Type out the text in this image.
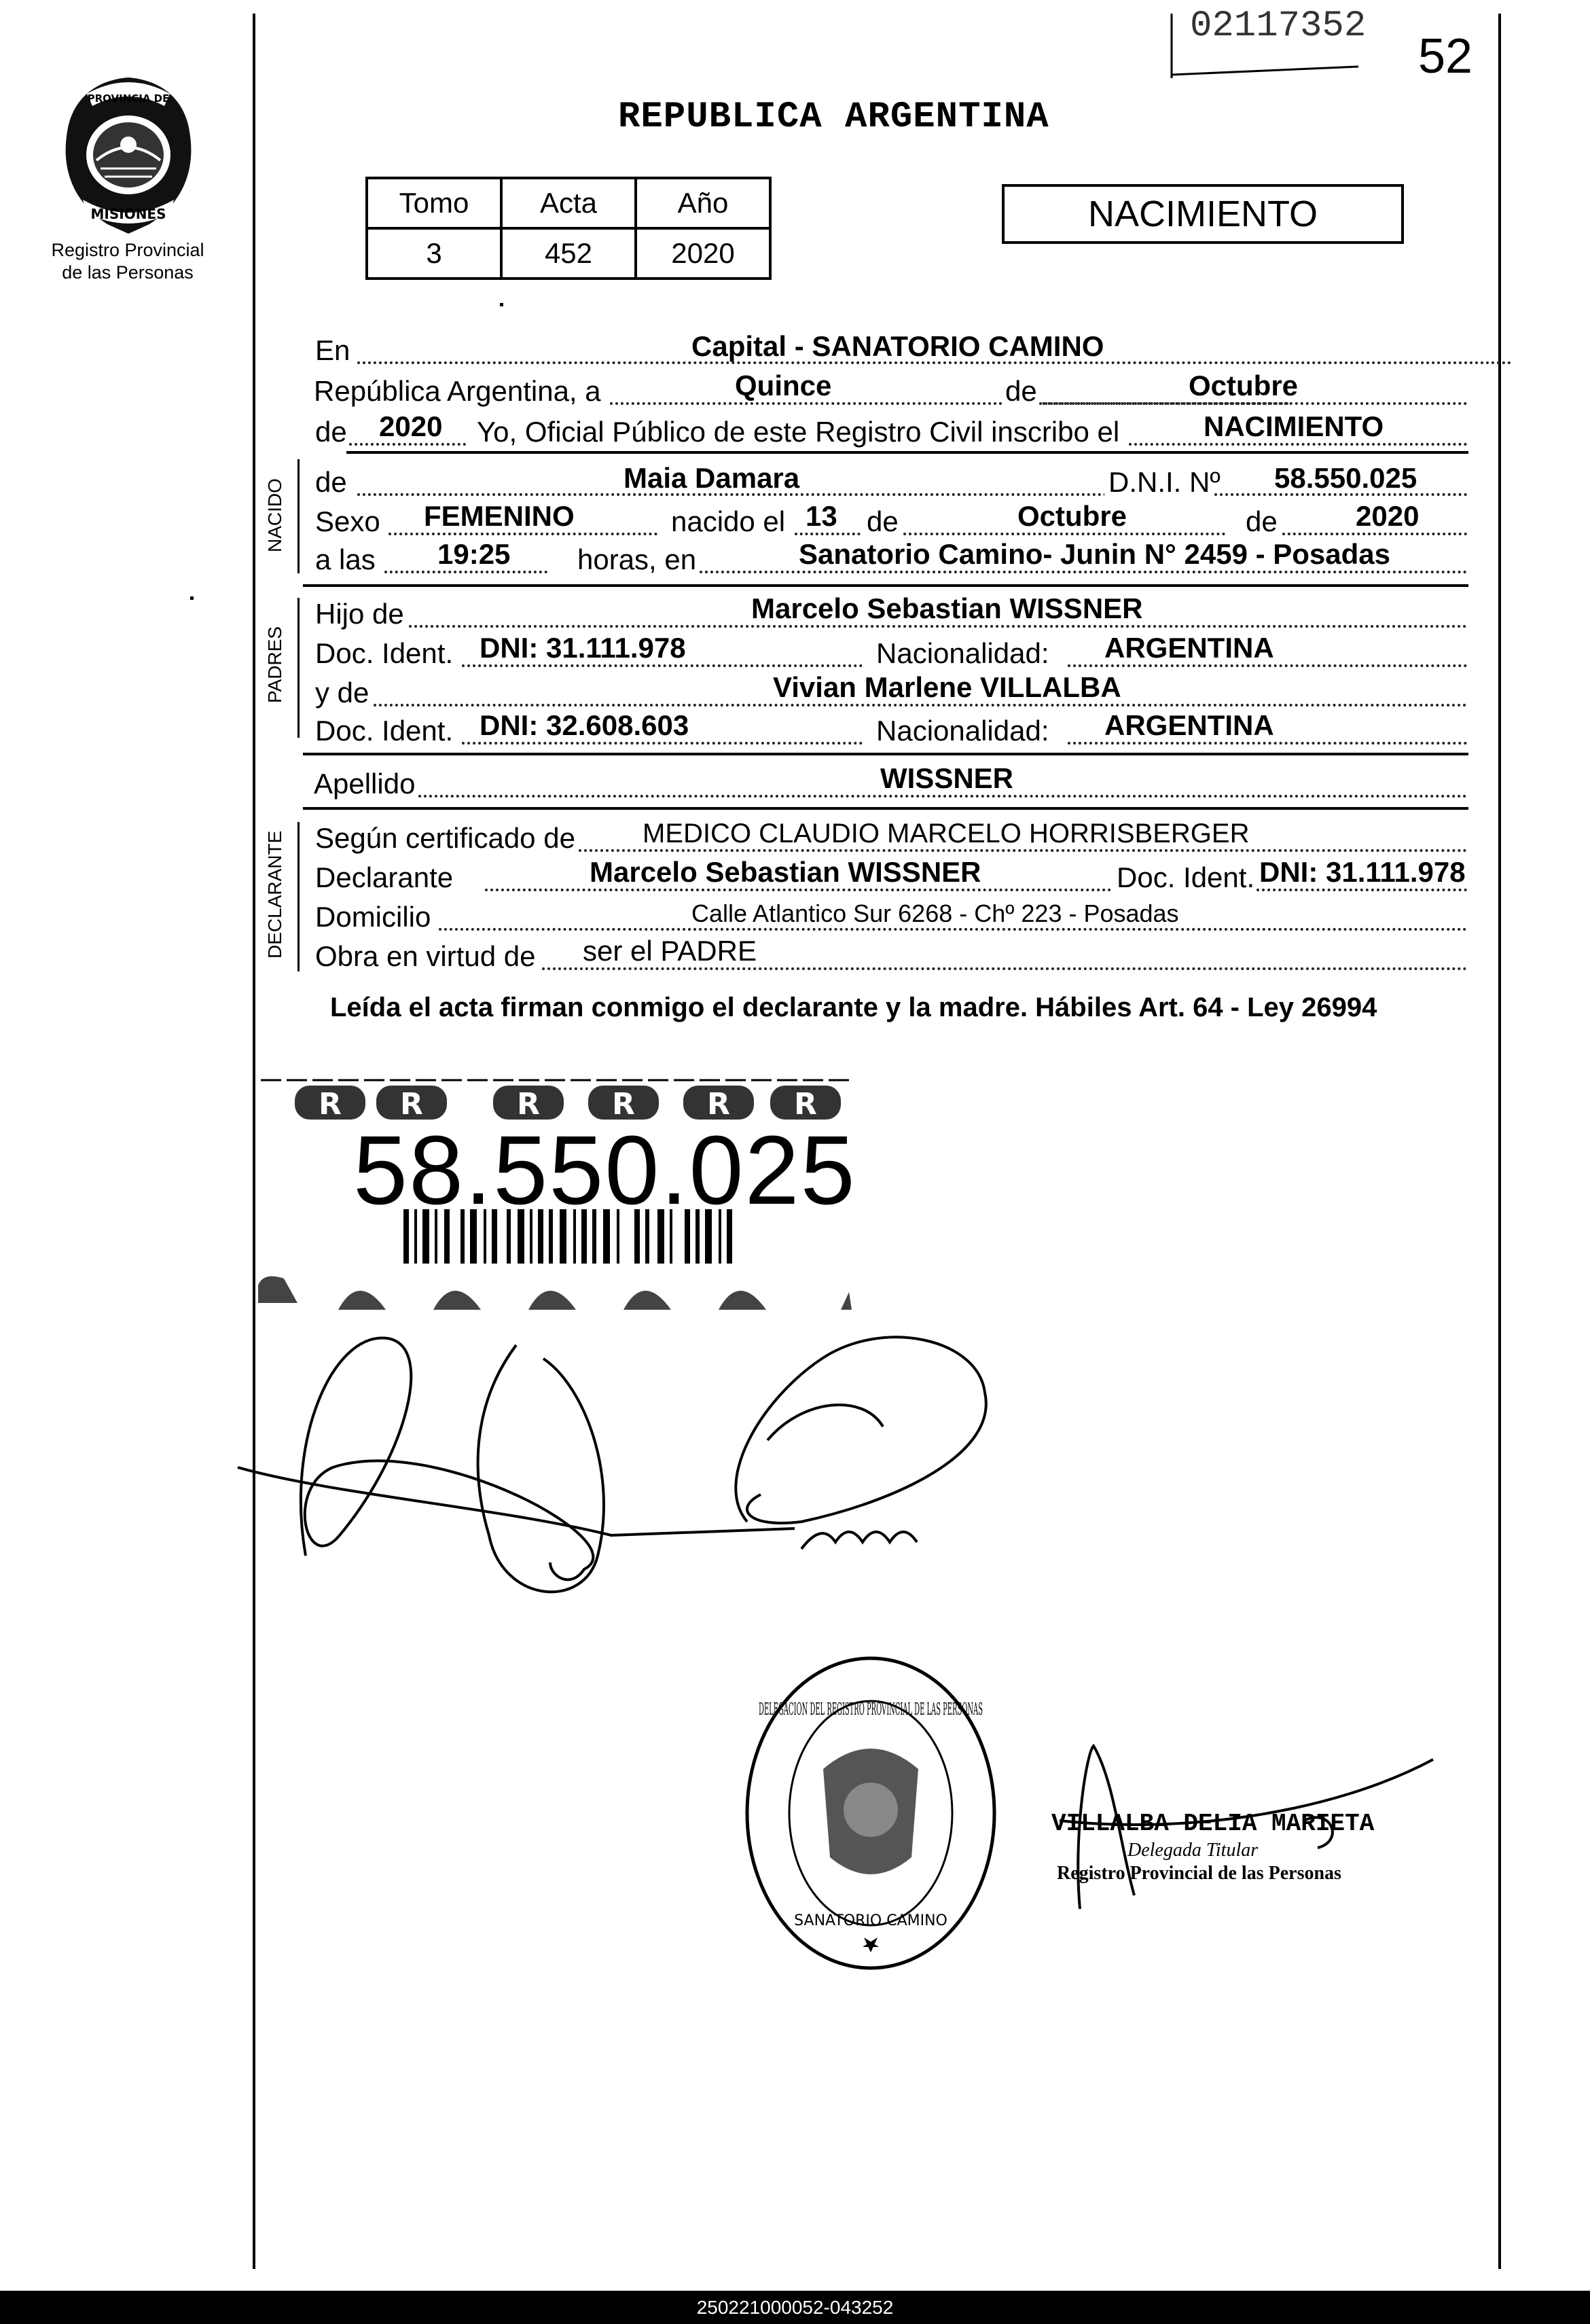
02117352
52
PROVINCIA DE
MISIONES
Registro Provincial
de las Personas
REPUBLICA ARGENTINA
Tomo	Acta	Año
3	452	2020
NACIMIENTO
En	Capital - SANATORIO CAMINO
República Argentina, a	Quince	de	Octubre
de 2020 Yo, Oficial Público de este Registro Civil inscribo el	NACIMIENTO
NACIDO de	Maia Damara	D.N.I. Nº 58.550.025
Sexo FEMENINO	nacido el 13 de	Octubre	de	2020
a las 19:25 horas, en	Sanatorio Camino- Junin N° 2459 - Posadas
PADRES
Hijo de	Marcelo Sebastian WISSNER
Doc. Ident. DNI: 31.111.978	Nacionalidad: ARGENTINA
y de	Vivian Marlene VILLALBA
Doc. Ident. DNI: 32.608.603	Nacionalidad: ARGENTINA
Apellido	WISSNER
DECLARANTE Según certificado de MEDICO CLAUDIO MARCELO HORRISBERGER
Declarante	Marcelo Sebastian WISSNER	Doc. Ident. DNI: 31.111.978
Domicilio	Calle Atlantico Sur 6268 - Chº 223 - Posadas
Obra en virtud de ser el PADRE
Leída el acta firman conmigo el declarante y la madre. Hábiles Art. 64 - Ley 26994
R R	R R R R
58.550.025
DELEGACION DEL REGISTRO PROVINCIAL DE LAS PERSONAS
SANATORIO CAMINO
VILLALBA DELIA MARIETA
Delegada Titular
Registro Provincial de las Personas
250221000052-043252
